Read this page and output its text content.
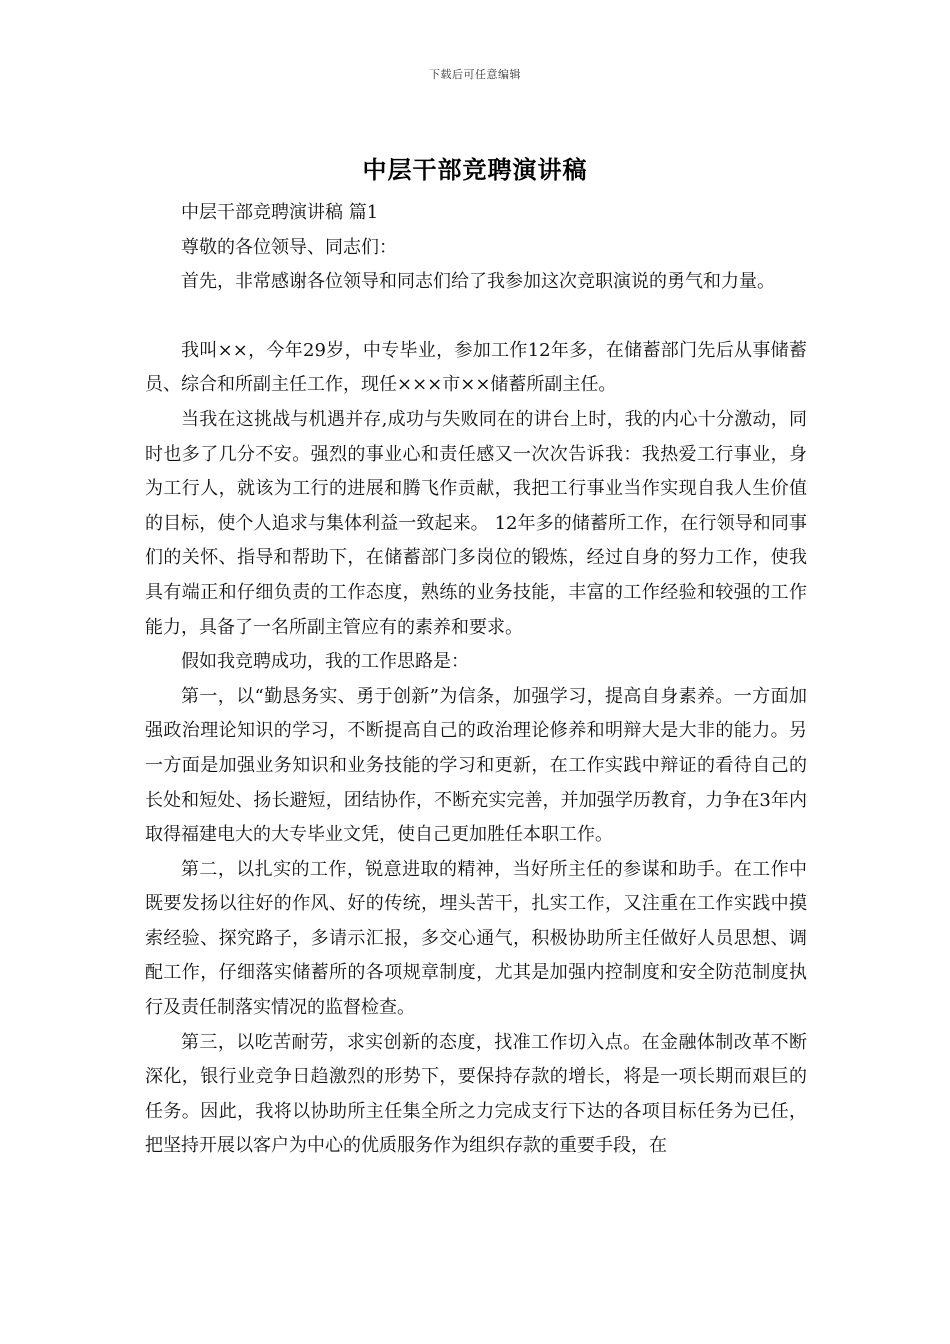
下载后可任意编辑
中层干部竞聘演讲稿

中层干部竞聘演讲稿 篇1

尊敬的各位领导、同志们：

首先，非常感谢各位领导和同志们给了我参加这次竞职演说的勇气和力量。

我叫××，今年29岁，中专毕业，参加工作12年多，在储蓄部门先后从事储蓄员、综合和所副主任工作，现任×××市××储蓄所副主任。

当我在这挑战与机遇并存,成功与失败同在的讲台上时，我的内心十分激动，同时也多了几分不安。强烈的事业心和责任感又一次次告诉我：我热爱工行事业，身为工行人，就该为工行的进展和腾飞作贡献，我把工行事业当作实现自我人生价值的目标，使个人追求与集体利益一致起来。 12年多的储蓄所工作，在行领导和同事们的关怀、指导和帮助下，在储蓄部门多岗位的锻炼，经过自身的努力工作，使我具有端正和仔细负责的工作态度，熟练的业务技能，丰富的工作经验和较强的工作能力，具备了一名所副主管应有的素养和要求。

假如我竞聘成功，我的工作思路是：

第一，以“勤恳务实、勇于创新”为信条，加强学习，提高自身素养。一方面加强政治理论知识的学习，不断提高自己的政治理论修养和明辩大是大非的能力。另一方面是加强业务知识和业务技能的学习和更新，在工作实践中辩证的看待自己的长处和短处、扬长避短，团结协作，不断充实完善，并加强学历教育，力争在3年内取得福建电大的大专毕业文凭，使自己更加胜任本职工作。

第二，以扎实的工作，锐意进取的精神，当好所主任的参谋和助手。在工作中既要发扬以往好的作风、好的传统，埋头苦干，扎实工作，又注重在工作实践中摸索经验、探究路子，多请示汇报，多交心通气，积极协助所主任做好人员思想、调配工作，仔细落实储蓄所的各项规章制度，尤其是加强内控制度和安全防范制度执行及责任制落实情况的监督检查。

第三，以吃苦耐劳，求实创新的态度，找准工作切入点。在金融体制改革不断深化，银行业竞争日趋激烈的形势下，要保持存款的增长，将是一项长期而艰巨的任务。因此，我将以协助所主任集全所之力完成支行下达的各项目标任务为已任，把坚持开展以客户为中心的优质服务作为组织存款的重要手段，在
